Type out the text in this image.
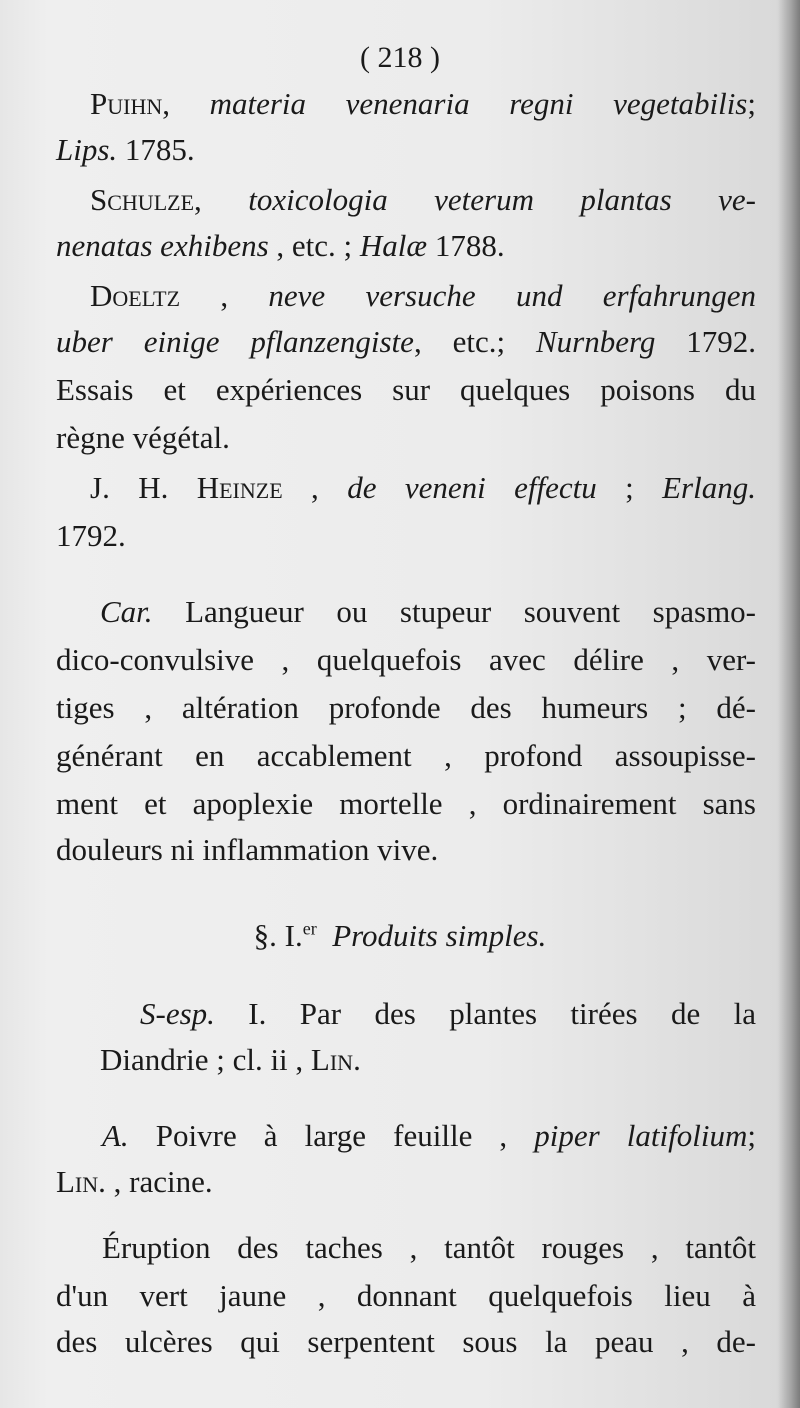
( 218 )
Puihn, materia venenaria regni vegetabilis;
Lips. 1785.
Schulze, toxicologia veterum plantas ve-
nenatas exhibens , etc. ; Halæ 1788.
Doeltz , neve versuche und erfahrungen
uber einige pflanzengiste, etc.; Nurnberg 1792.
Essais et expériences sur quelques poisons du
règne végétal.
J. H. Heinze , de veneni effectu ; Erlang.
1792.
Car. Langueur ou stupeur souvent spasmo-
dico-convulsive , quelquefois avec délire , ver-
tiges , altération profonde des humeurs ; dé-
générant en accablement , profond assoupisse-
ment et apoplexie mortelle , ordinairement sans
douleurs ni inflammation vive.
§. I.$^{er}$ Produits simples.
S-esp. I. Par des plantes tirées de la
Diandrie ; cl. ii , Lin.
A. Poivre à large feuille , piper latifolium;
Lin. , racine.
Éruption des taches , tantôt rouges , tantôt
d'un vert jaune , donnant quelquefois lieu à
des ulcères qui serpentent sous la peau , de-
